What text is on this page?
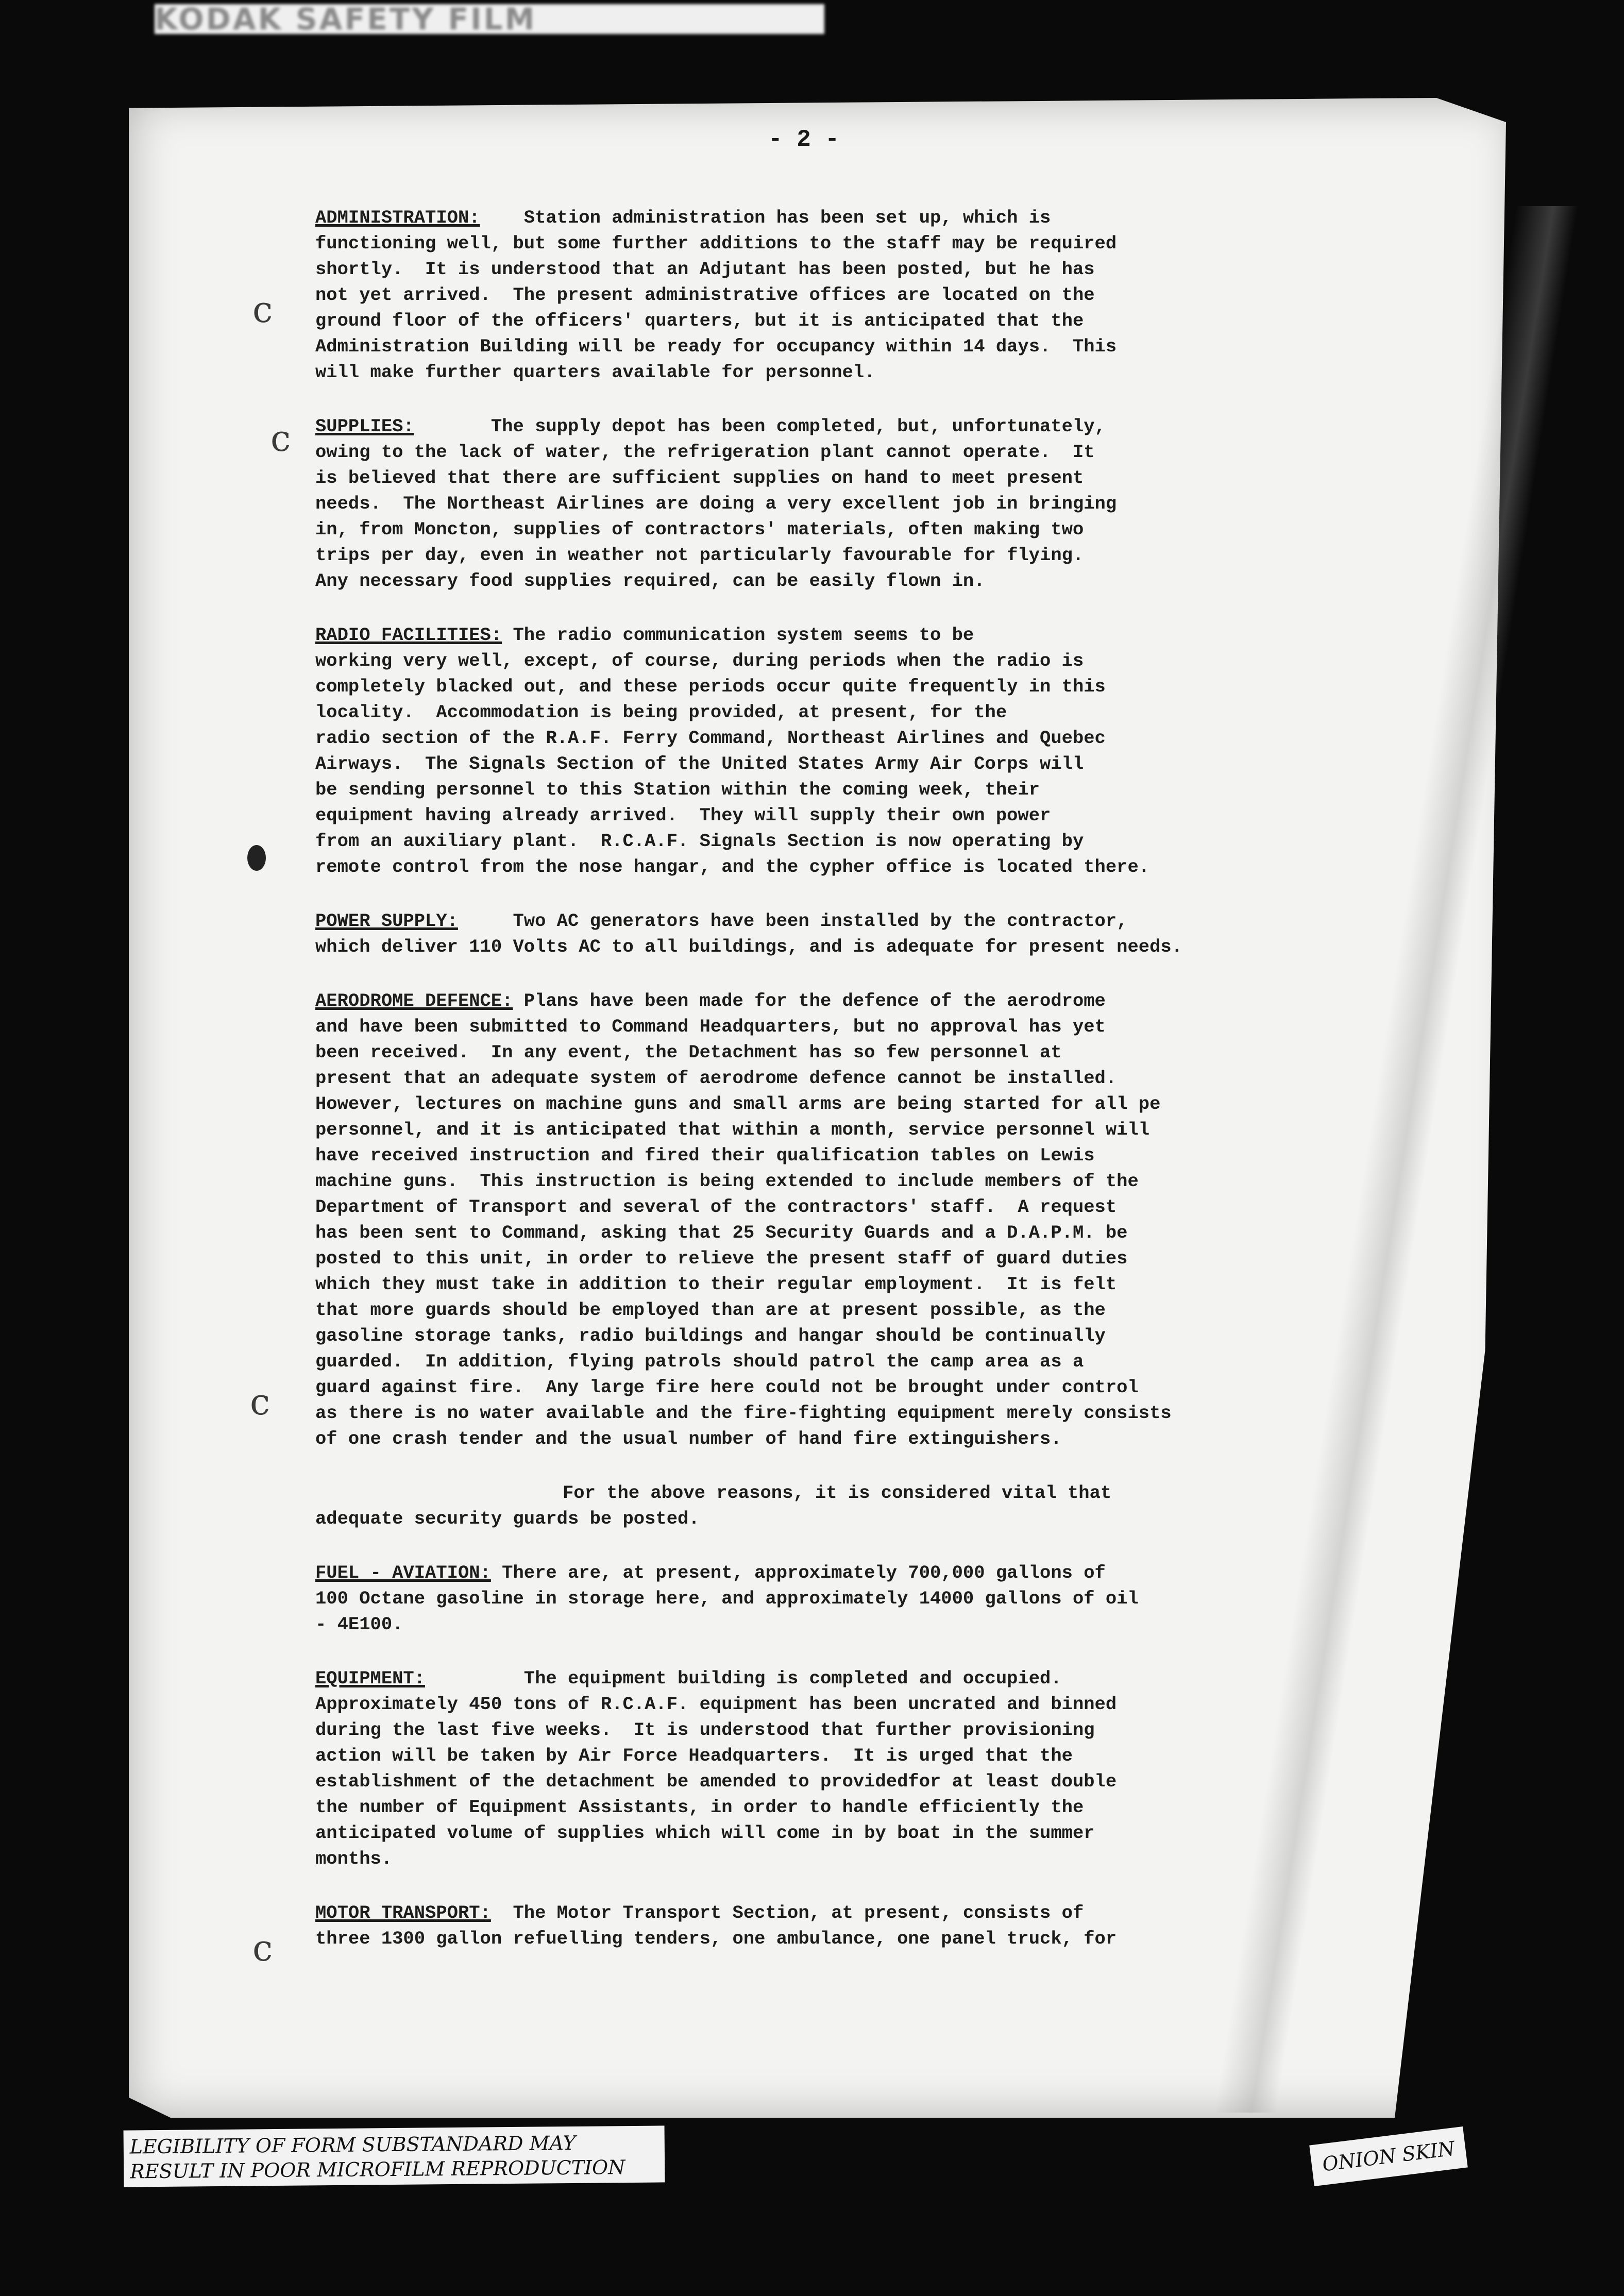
KODAK SAFETY FILM
- 2 -
c
c
c
c
ADMINISTRATION:    Station administration has been set up, which is
functioning well, but some further additions to the staff may be required
shortly.  It is understood that an Adjutant has been posted, but he has
not yet arrived.  The present administrative offices are located on the
ground floor of the officers' quarters, but it is anticipated that the
Administration Building will be ready for occupancy within 14 days.  This
will make further quarters available for personnel.
SUPPLIES:       The supply depot has been completed, but, unfortunately,
owing to the lack of water, the refrigeration plant cannot operate.  It
is believed that there are sufficient supplies on hand to meet present
needs.  The Northeast Airlines are doing a very excellent job in bringing
in, from Moncton, supplies of contractors' materials, often making two
trips per day, even in weather not particularly favourable for flying.
Any necessary food supplies required, can be easily flown in.
RADIO FACILITIES: The radio communication system seems to be
working very well, except, of course, during periods when the radio is
completely blacked out, and these periods occur quite frequently in this
locality.  Accommodation is being provided, at present, for the
radio section of the R.A.F. Ferry Command, Northeast Airlines and Quebec
Airways.  The Signals Section of the United States Army Air Corps will
be sending personnel to this Station within the coming week, their
equipment having already arrived.  They will supply their own power
from an auxiliary plant.  R.C.A.F. Signals Section is now operating by
remote control from the nose hangar, and the cypher office is located there.
POWER SUPPLY:     Two AC generators have been installed by the contractor,
which deliver 110 Volts AC to all buildings, and is adequate for present needs.
AERODROME DEFENCE: Plans have been made for the defence of the aerodrome
and have been submitted to Command Headquarters, but no approval has yet
been received.  In any event, the Detachment has so few personnel at
present that an adequate system of aerodrome defence cannot be installed.
However, lectures on machine guns and small arms are being started for all pe
personnel, and it is anticipated that within a month, service personnel will
have received instruction and fired their qualification tables on Lewis
machine guns.  This instruction is being extended to include members of the
Department of Transport and several of the contractors' staff.  A request
has been sent to Command, asking that 25 Security Guards and a D.A.P.M. be
posted to this unit, in order to relieve the present staff of guard duties
which they must take in addition to their regular employment.  It is felt
that more guards should be employed than are at present possible, as the
gasoline storage tanks, radio buildings and hangar should be continually
guarded.  In addition, flying patrols should patrol the camp area as a
guard against fire.  Any large fire here could not be brought under control
as there is no water available and the fire-fighting equipment merely consists
of one crash tender and the usual number of hand fire extinguishers.
For the above reasons, it is considered vital that
adequate security guards be posted.
FUEL - AVIATION: There are, at present, approximately 700,000 gallons of
100 Octane gasoline in storage here, and approximately 14000 gallons of oil
- 4E100.
EQUIPMENT:         The equipment building is completed and occupied.
Approximately 450 tons of R.C.A.F. equipment has been uncrated and binned
during the last five weeks.  It is understood that further provisioning
action will be taken by Air Force Headquarters.  It is urged that the
establishment of the detachment be amended to providedfor at least double
the number of Equipment Assistants, in order to handle efficiently the
anticipated volume of supplies which will come in by boat in the summer
months.
MOTOR TRANSPORT:  The Motor Transport Section, at present, consists of
three 1300 gallon refuelling tenders, one ambulance, one panel truck, for
LEGIBILITY OF FORM SUBSTANDARD MAY
RESULT IN POOR MICROFILM REPRODUCTION	ONION SKIN
